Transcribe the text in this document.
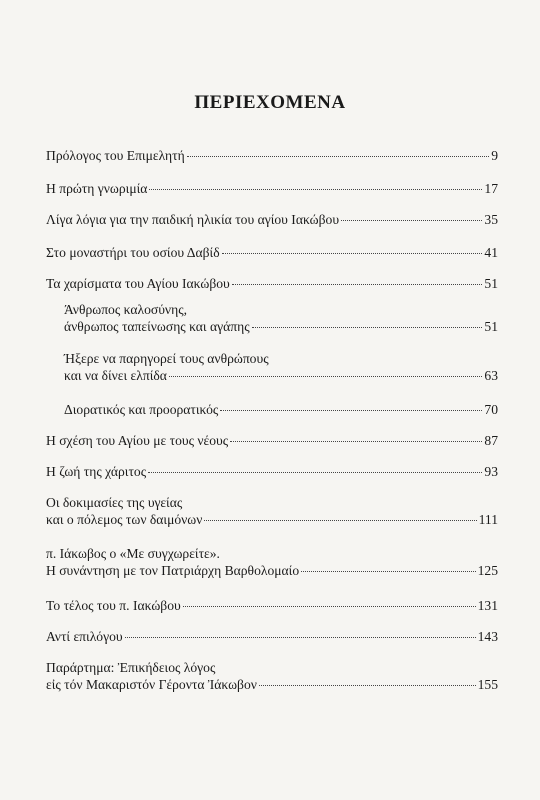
ΠΕΡΙΕΧΟΜΕΝΑ
Πρόλογος του Επιμελητή	9
Η πρώτη γνωριμία	17
Λίγα λόγια για την παιδική ηλικία του αγίου Ιακώβου	35
Στο μοναστήρι του οσίου Δαβίδ	41
Τα χαρίσματα του Αγίου Ιακώβου	51
Άνθρωπος καλοσύνης,
άνθρωπος ταπείνωσης και αγάπης	51
Ήξερε να παρηγορεί τους ανθρώπους
και να δίνει ελπίδα	63
Διορατικός και προορατικός	70
Η σχέση του Αγίου με τους νέους	87
Η ζωή της χάριτος	93
Οι δοκιμασίες της υγείας
και ο πόλεμος των δαιμόνων	111
π. Ιάκωβος ο «Με συγχωρείτε».
Η συνάντηση με τον Πατριάρχη Βαρθολομαίο	125
Το τέλος του π. Ιακώβου	131
Αντί επιλόγου	143
Παράρτημα: Ἐπικήδειος λόγος
εἰς τόν Μακαριστόν Γέροντα Ἰάκωβον	155
